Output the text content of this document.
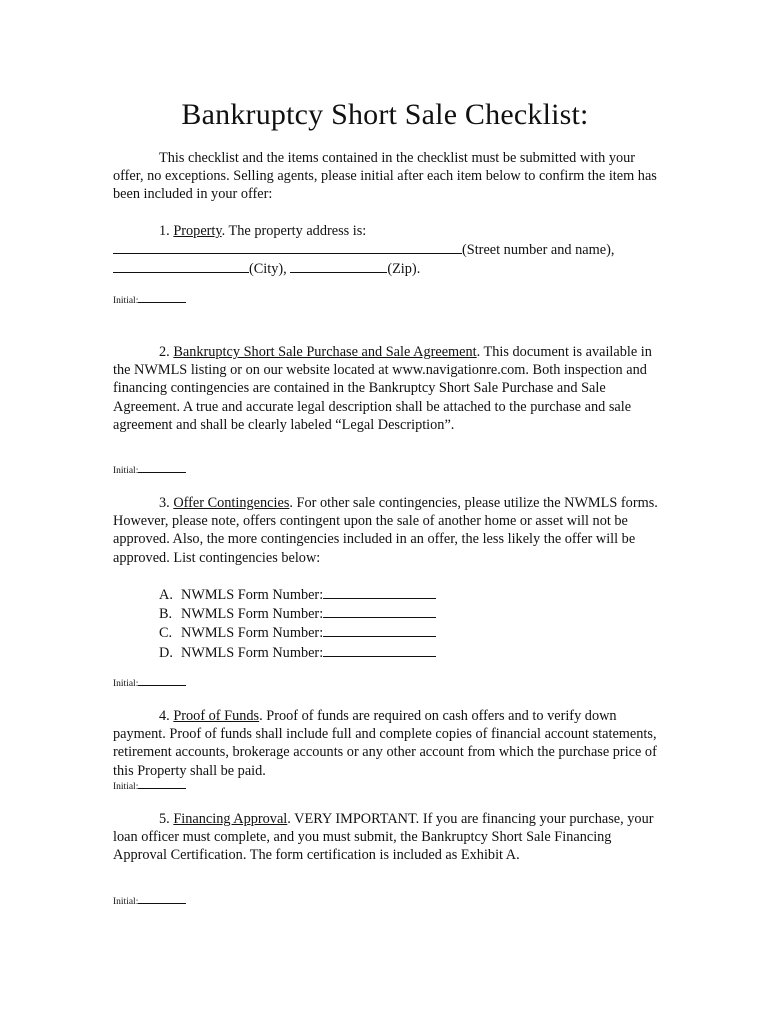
Bankruptcy Short Sale Checklist:

This checklist and the items contained in the checklist must be submitted with your offer, no exceptions. Selling agents, please initial after each item below to confirm the item has been included in your offer:

1. Property. The property address is:(Street number and name), (City),	(Zip).

Initial:

2. Bankruptcy Short Sale Purchase and Sale Agreement. This document is available in the NWMLS listing or on our website located at www.navigationre.com. Both inspection and financing contingencies are contained in the Bankruptcy Short Sale Purchase and Sale Agreement. A true and accurate legal description shall be attached to the purchase and sale agreement and shall be clearly labeled “Legal Description”.

Initial:

3. Offer Contingencies. For other sale contingencies, please utilize the NWMLS forms. However, please note, offers contingent upon the sale of another home or asset will not be approved. Also, the more contingencies included in an offer, the less likely the offer will be approved. List contingencies below:

A. NWMLS Form Number:
B. NWMLS Form Number:
C. NWMLS Form Number:
D. NWMLS Form Number:

Initial:

4. Proof of Funds. Proof of funds are required on cash offers and to verify down payment. Proof of funds shall include full and complete copies of financial account statements, retirement accounts, brokerage accounts or any other account from which the purchase price of this Property shall be paid.

Initial:

5. Financing Approval. VERY IMPORTANT. If you are financing your purchase, your loan officer must complete, and you must submit, the Bankruptcy Short Sale Financing Approval Certification. The form certification is included as Exhibit A.

Initial:
